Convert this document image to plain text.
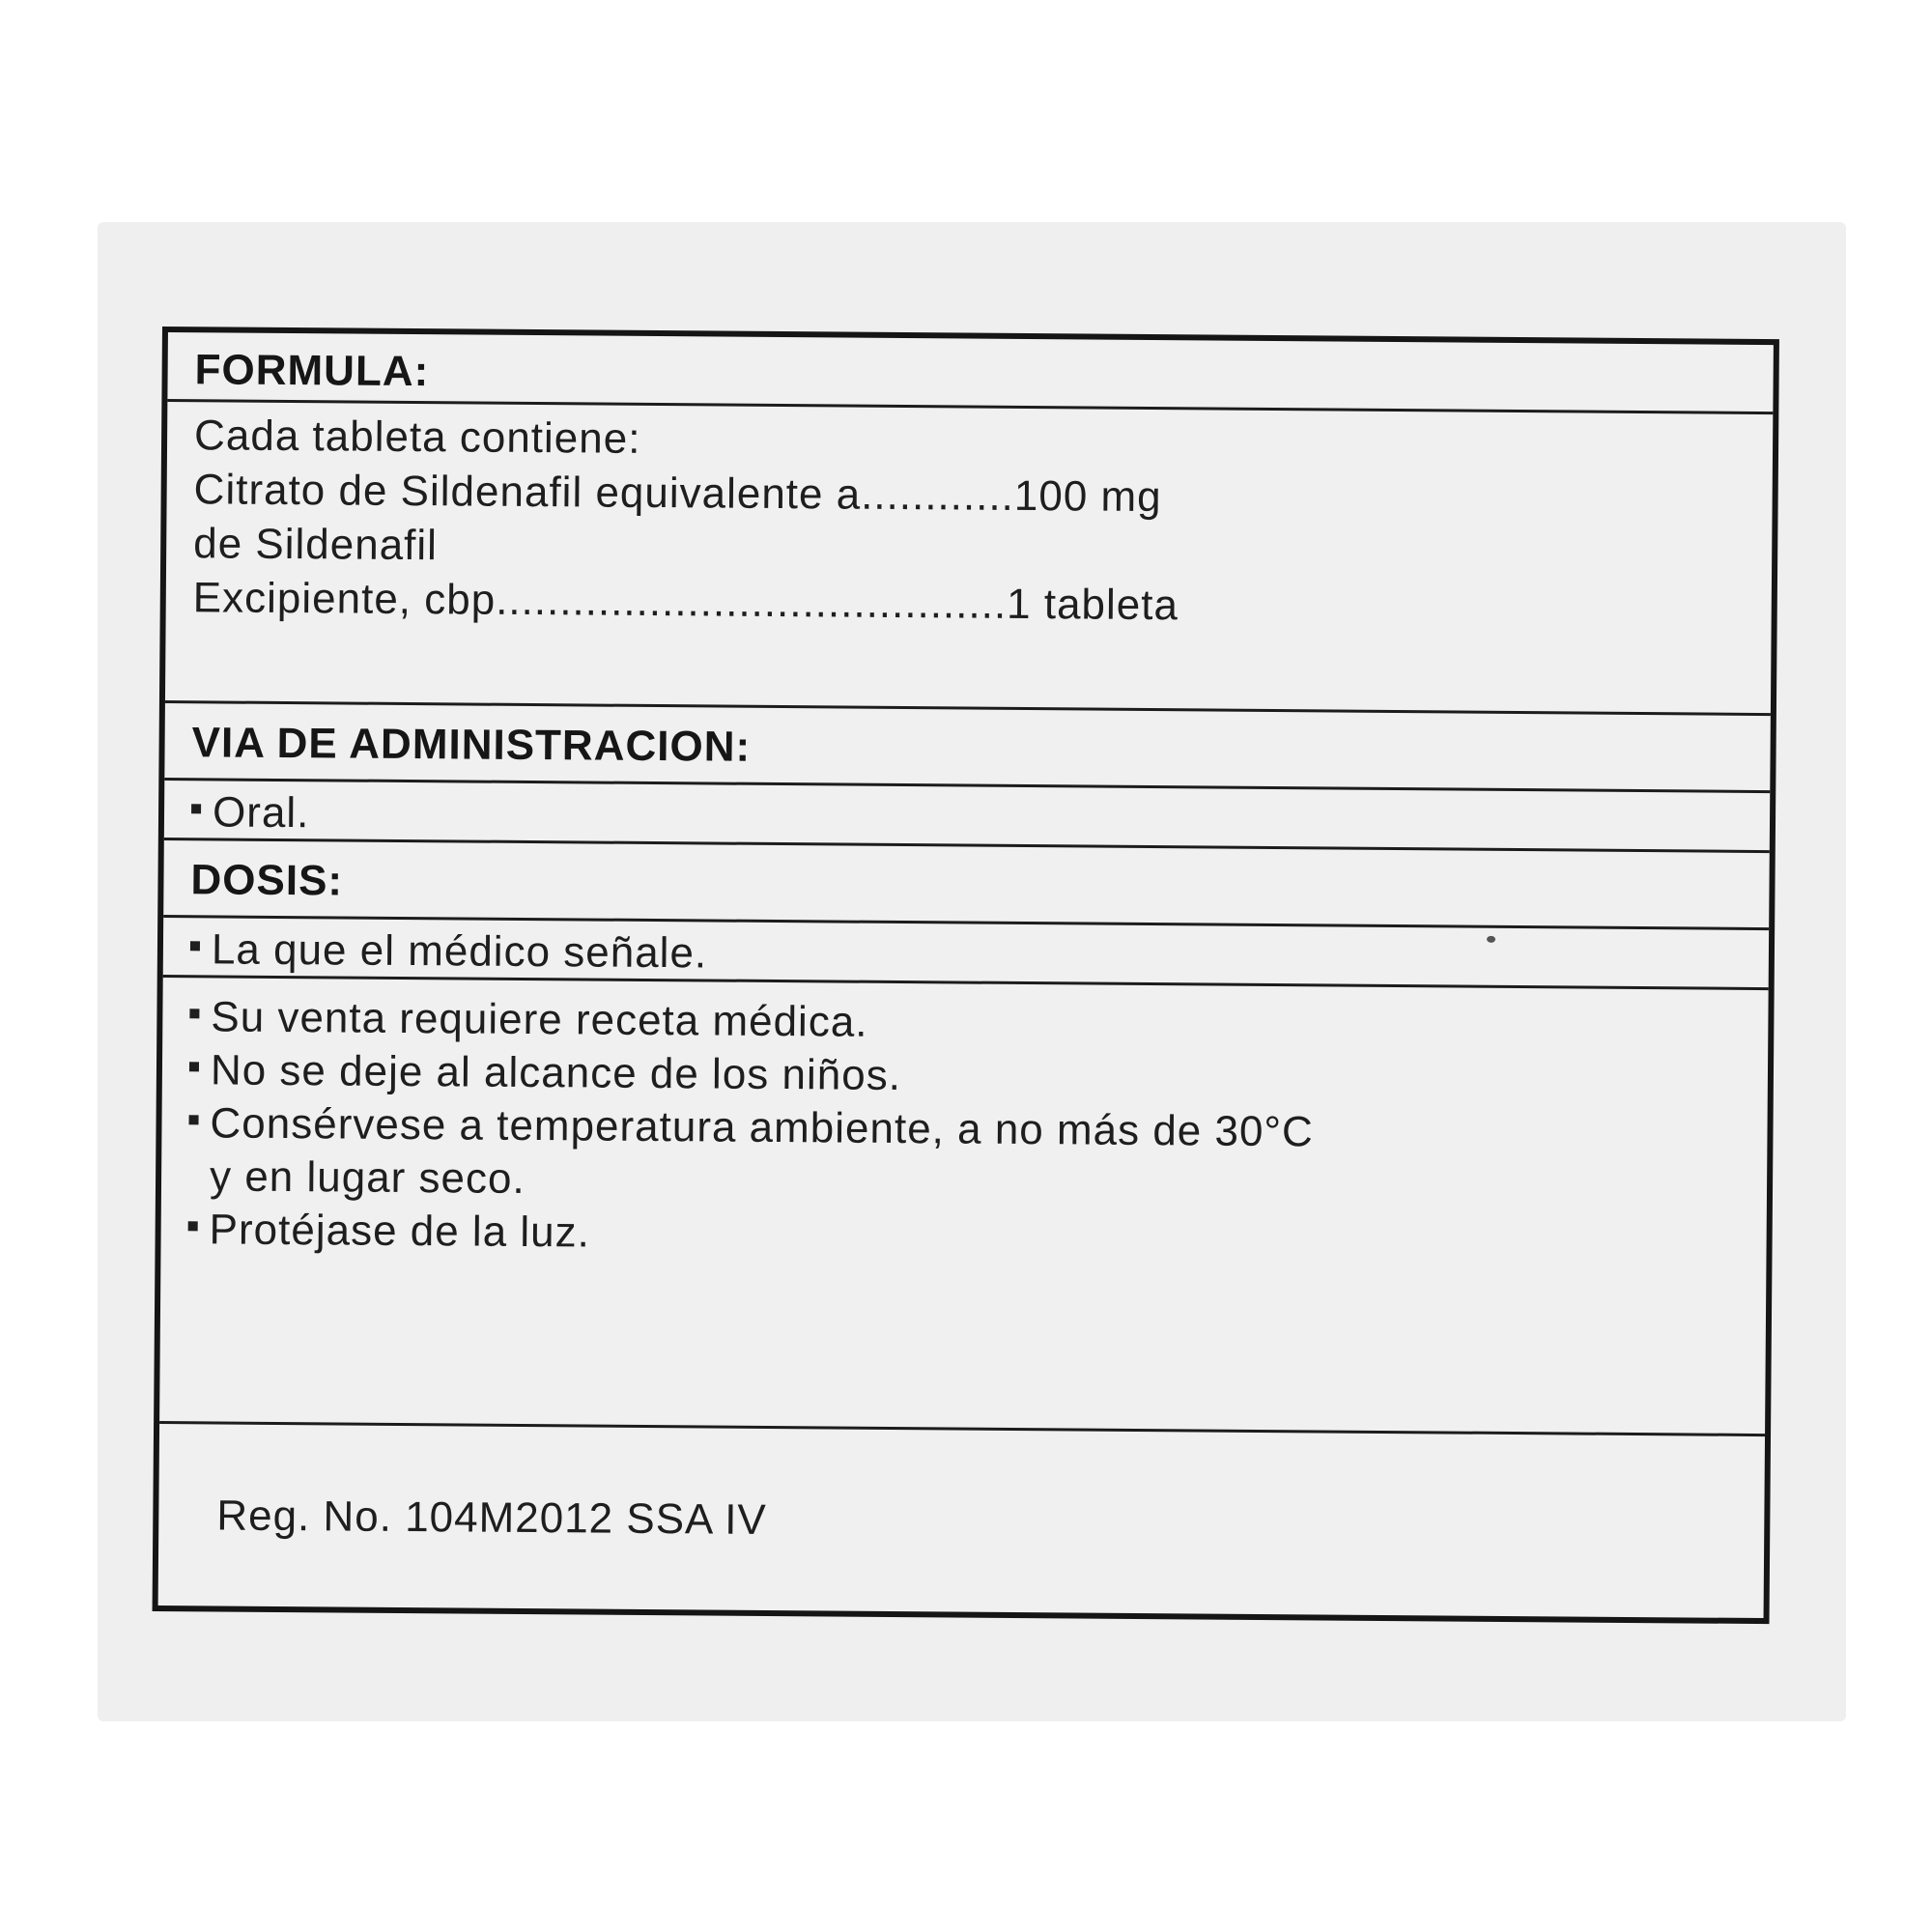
FORMULA:
Cada tableta contiene:
Citrato de Sildenafil equivalente a............100 mg
de Sildenafil
Excipiente, cbp........................................1 tableta
VIA DE ADMINISTRACION:
Oral.
DOSIS:
La que el médico señale.
Su venta requiere receta médica.
No se deje al alcance de los niños.
Consérvese a temperatura ambiente, a no más de 30°C
y en lugar seco.
Protéjase de la luz.
Reg. No. 104M2012 SSA IV
